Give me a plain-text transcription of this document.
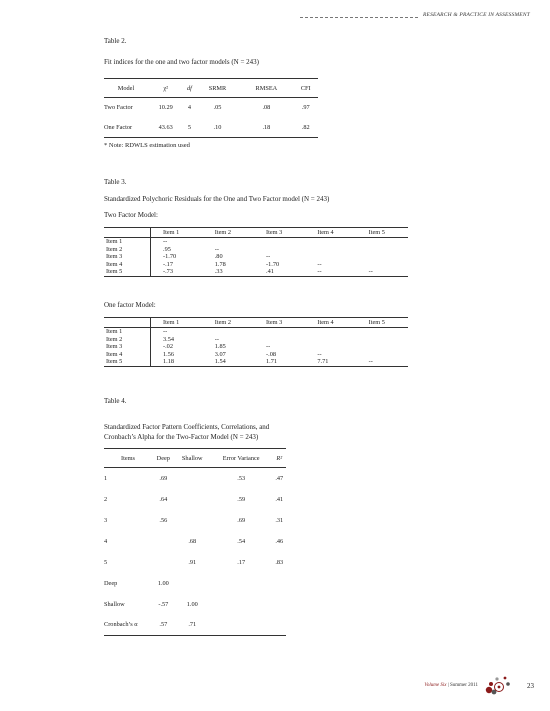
RESEARCH & PRACTICE IN ASSESSMENT
Table 2.
Fit indices for the one and two factor models (N = 243)
Model	χ²	df	SRMR	RMSEA	CFI
Two Factor	10.29	4	.05	.08	.97
One Factor	43.63	5	.10	.18	.82
* Note: RDWLS estimation used
Table 3.
Standardized Polychoric Residuals for the One and Two Factor model (N = 243)
Two Factor Model:
	Item 1	Item 2	Item 3	Item 4	Item 5
Item 1	--				
Item 2	.95	--			
Item 3	-1.70	.80	--		
Item 4	-.17	1.78	-1.70	--	
Item 5	-.73	.33	.41	--	--
One factor Model:
	Item 1	Item 2	Item 3	Item 4	Item 5
Item 1	--				
Item 2	3.54	--			
Item 3	-.02	1.85	--		
Item 4	1.56	3.07	-.08	--	
Item 5	1.18	1.54	1.71	7.71	--
Table 4.
Standardized Factor Pattern Coefficients, Correlations, and
Cronbach’s Alpha for the Two-Factor Model (N = 243)
Items	Deep	Shallow	Error Variance	R²
1	.69		.53	.47
2	.64		.59	.41
3	.56		.69	.31
4		.68	.54	.46
5		.91	.17	.83
Deep	1.00			
Shallow	-.57	1.00		
Cronbach’s α	.57	.71		
Volume Six | Summer 2011	23
